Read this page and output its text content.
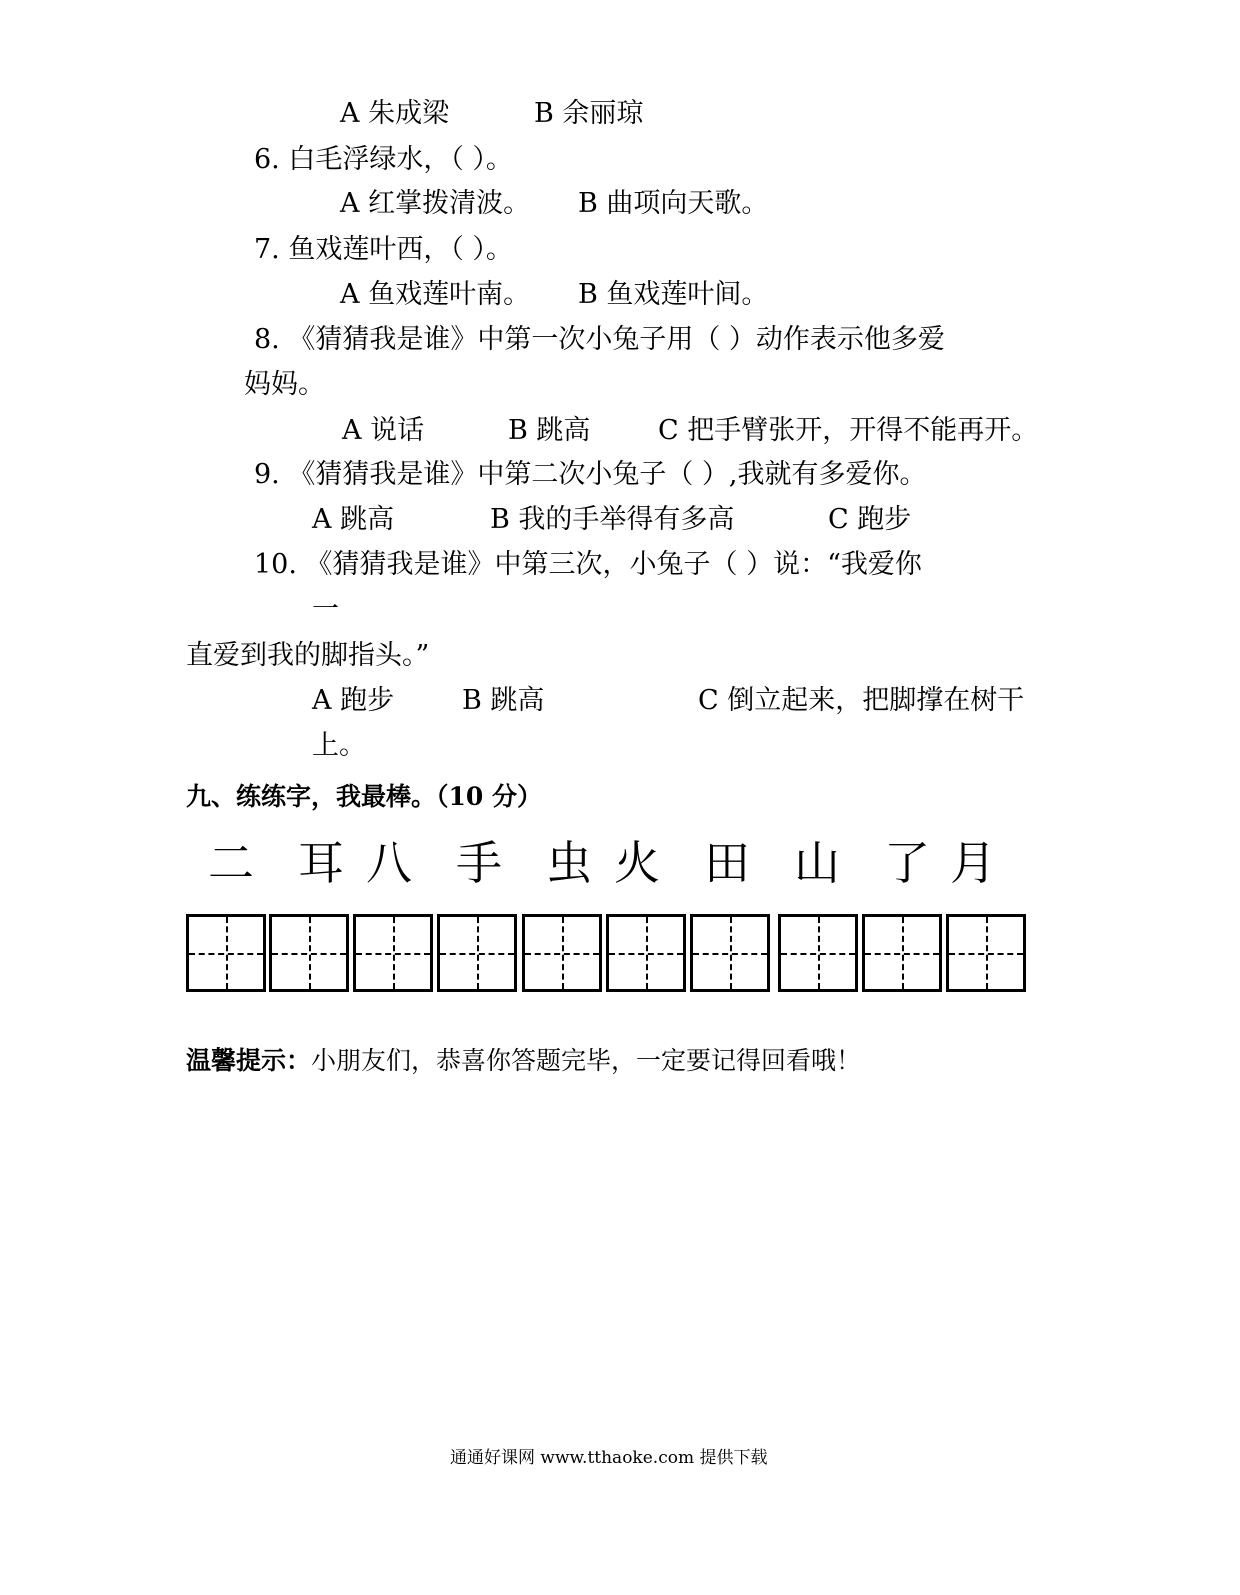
A 朱成梁	B 余丽琼
6. 白毛浮绿水，（ ）。
A 红掌拨清波。 B 曲项向天歌。
7. 鱼戏莲叶西，（ ）。
A 鱼戏莲叶南。 B 鱼戏莲叶间。
8. 《猜猜我是谁》中第一次小兔子用（ ）动作表示他多爱
妈妈。
A 说话	B 跳高	C 把手臂张开，开得不能再开。
9. 《猜猜我是谁》中第二次小兔子（ ）,我就有多爱你。
A 跳高	B 我的手举得有多高	C 跑步
10. 《猜猜我是谁》中第三次，小兔子（ ）说：“我爱你
一
直爱到我的脚指头。”
A 跑步	B 跳高	C 倒立起来，把脚撑在树干
上。
九、练练字，我最棒。（10 分）
二 耳 八 手 虫 火 田 山 了 月
温馨提示：小朋友们，恭喜你答题完毕，一定要记得回看哦！
通通好课网 www.tthaoke.com 提供下载
